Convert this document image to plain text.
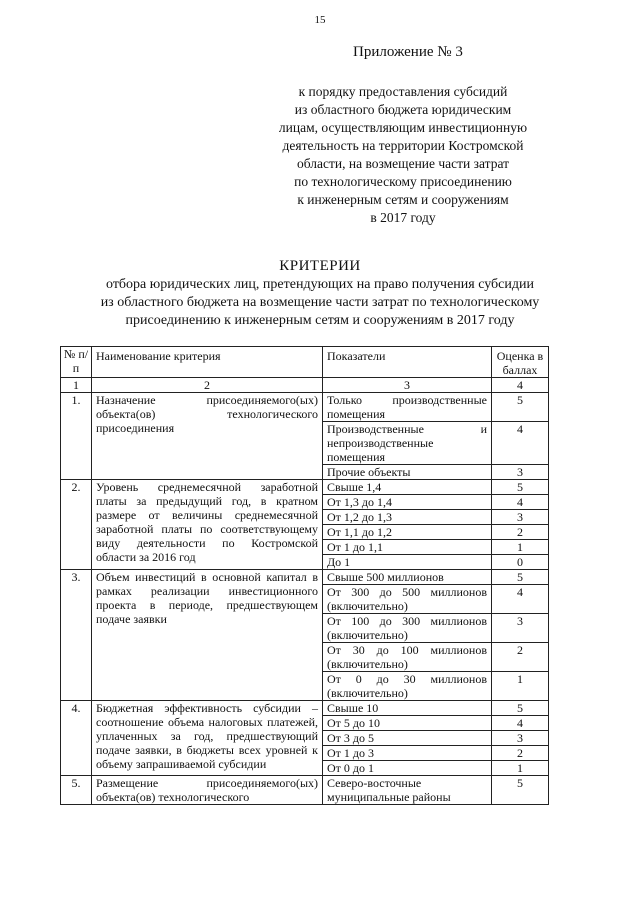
15
Приложение № 3
к порядку предоставления субсидий
из областного бюджета юридическим
лицам, осуществляющим инвестиционную
деятельность на территории Костромской
области, на возмещение части затрат
по технологическому присоединению
к инженерным сетям и сооружениям
в 2017 году
КРИТЕРИИ
отбора юридических лиц, претендующих на право получения субсидии
из областного бюджета на возмещение части затрат по технологическому
присоединению к инженерным сетям и сооружениям в 2017 году
№ п/п	Наименование критерия	Показатели	Оценка в баллах
1	2	3	4
1.	Назначение присоединяемого(ых) объекта(ов) технологического присоединения	Только производственные помещения	5
		Производственные и непроизводственные помещения	4
		Прочие объекты	3
2.	Уровень среднемесячной заработной платы за предыдущий год, в кратном размере от величины среднемесячной заработной платы по соответствующему виду деятельности по Костромской области за 2016 год	Свыше 1,4	5
		От 1,3 до 1,4	4
		От 1,2 до 1,3	3
		От 1,1 до 1,2	2
		От 1 до 1,1	1
		До 1	0
3.	Объем инвестиций в основной капитал в рамках реализации инвестиционного проекта в периоде, предшествующем подаче заявки	Свыше 500 миллионов	5
		От 300 до 500 миллионов (включительно)	4
		От 100 до 300 миллионов (включительно)	3
		От 30 до 100 миллионов (включительно)	2
		От 0 до 30 миллионов (включительно)	1
4.	Бюджетная эффективность субсидии – соотношение объема налоговых платежей, уплаченных за год, предшествующий подаче заявки, в бюджеты всех уровней к объему запрашиваемой субсидии	Свыше 10	5
		От 5 до 10	4
		От 3 до 5	3
		От 1 до 3	2
		От 0 до 1	1
5.	Размещение присоединяемого(ых) объекта(ов) технологического	Северо-восточные муниципальные районы	5
